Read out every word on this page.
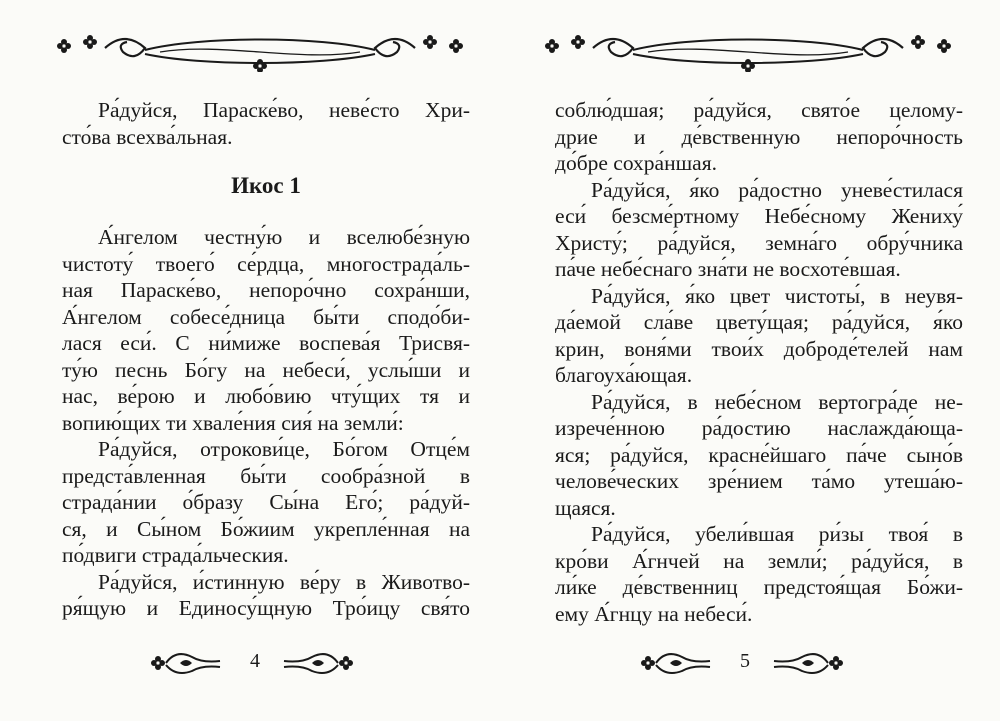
Ра́дуйся, Параске́во, неве́сто Хри-
сто́ва всехва́льная.
Икос 1
А́нгелом честну́ю и вселюбе́зную
чистоту́ твоего́ се́рдца, многострада́ль-
ная Параске́во, непоро́чно сохра́нши,
А́нгелом собесе́дница бы́ти сподо́би-
лася еси́. С ни́миже воспева́я Трисвя-
ту́ю песнь Бо́гу на небеси́, услы́ши и
нас, ве́рою и любо́вию чту́щих тя и
вопию́щих ти хвале́ния сия́ на земли́:
Ра́дуйся, отрокови́це, Бо́гом Отце́м
предста́вленная бы́ти сообра́зной в
страда́нии о́бразу Сы́на Его́; ра́дуй-
ся, и Сы́ном Бо́жиим укрепле́нная на
по́двиги страда́льческия.
Ра́дуйся, и́стинную ве́ру в Животво-
ря́щую и Единосу́щную Тро́ицу свя́то
4
соблю́дшая; ра́дуйся, свято́е целому-
дрие и де́вственную непоро́чность
до́бре сохра́ншая.
Ра́дуйся, я́ко ра́достно уневе́стилася
еси́ безсме́ртному Небе́сному Жениху́
Христу́; ра́дуйся, земна́го обру́чника
па́че небе́снаго зна́ти не восхоте́вшая.
Ра́дуйся, я́ко цвет чистоты́, в неувя-
да́емой сла́ве цвету́щая; ра́дуйся, я́ко
крин, воня́ми твои́х доброде́телей нам
благоуха́ющая.
Ра́дуйся, в небе́сном вертогра́де не-
изрече́нною ра́достию наслажда́юща-
яся; ра́дуйся, красне́йшаго па́че сыно́в
челове́ческих зре́нием та́мо утеша́ю-
щаяся.
Ра́дуйся, убели́вшая ри́зы твоя́ в
кро́ви А́гнчей на земли́; ра́дуйся, в
ли́ке де́вственниц предстоя́щая Бо́жи-
ему А́гнцу на небеси́.
5
